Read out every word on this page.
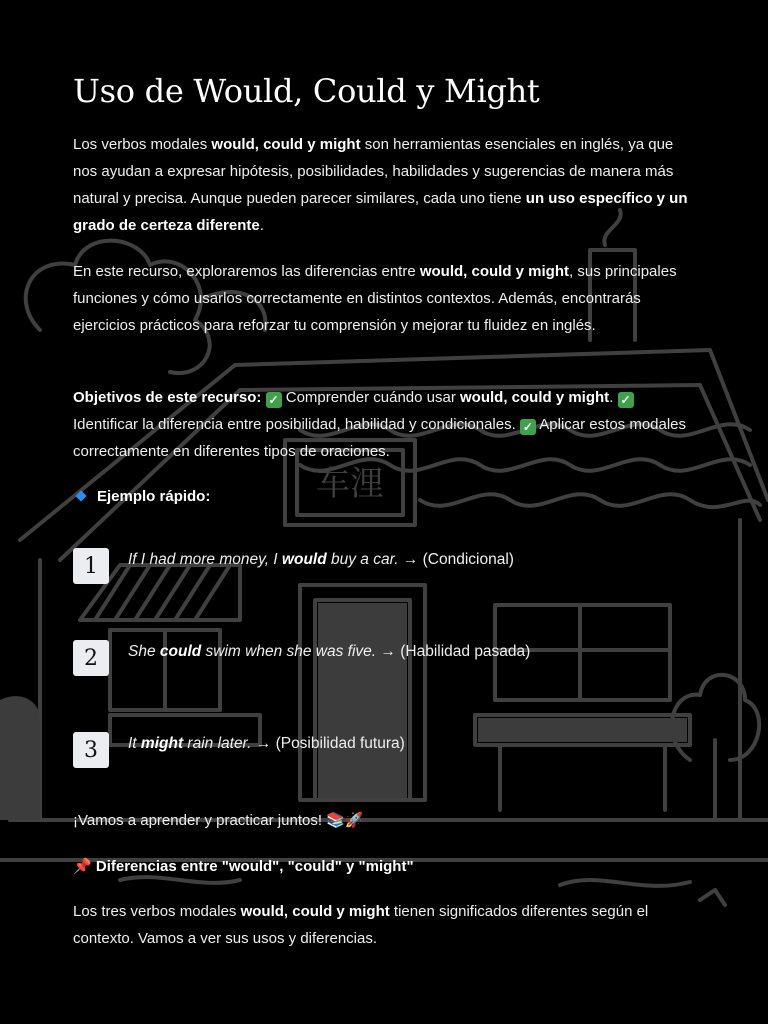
车浬
Uso de Would, Could y Might

Los verbos modales would, could y might son herramientas esenciales en inglés, ya que nos ayudan a expresar hipótesis, posibilidades, habilidades y sugerencias de manera más natural y precisa. Aunque pueden parecer similares, cada uno tiene un uso específico y un grado de certeza diferente.

En este recurso, exploraremos las diferencias entre would, could y might, sus principales funciones y cómo usarlos correctamente en distintos contextos. Además, encontrarás ejercicios prácticos para reforzar tu comprensión y mejorar tu fluidez en inglés.

Objetivos de este recurso: ✓ Comprender cuándo usar would, could y might. ✓ Identificar la diferencia entre posibilidad, habilidad y condicionales. ✓ Aplicar estos modales correctamente en diferentes tipos de oraciones.

Ejemplo rápido:

1	If I had more money, I would buy a car. → (Condicional)
2	She could swim when she was five. → (Habilidad pasada)
3	It might rain later. → (Posibilidad futura)

¡Vamos a aprender y practicar juntos! 📚🚀

📌 Diferencias entre "would", "could" y "might"

Los tres verbos modales would, could y might tienen significados diferentes según el contexto. Vamos a ver sus usos y diferencias.
